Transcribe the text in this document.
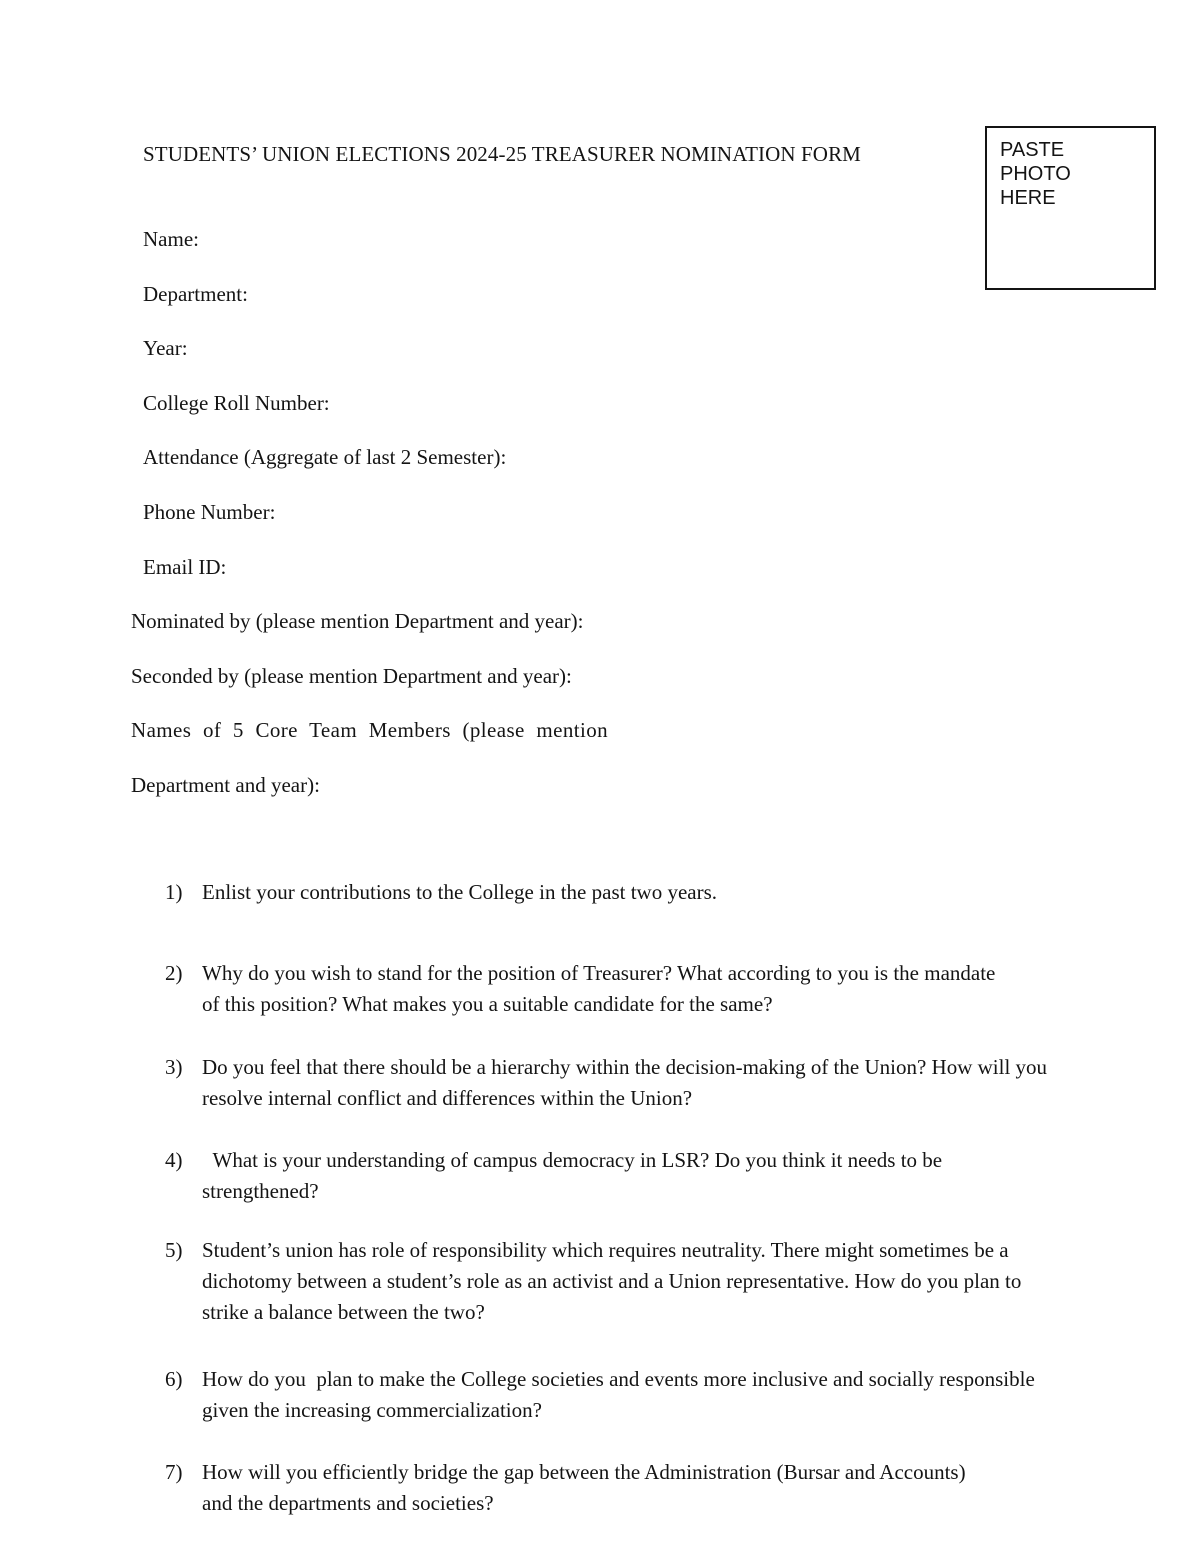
STUDENTS’ UNION ELECTIONS 2024-25 TREASURER NOMINATION FORM	PASTE PHOTO HERE

Name:

Department:

Year:

College Roll Number:

Attendance (Aggregate of last 2 Semester):

Phone Number:

Email ID:

Nominated by (please mention Department and year):

Seconded by (please mention Department and year):

Names of 5 Core Team Members (please mention

Department and year):

1) Enlist your contributions to the College in the past two years.
2) Why do you wish to stand for the position of Treasurer? What according to you is the mandate of this position? What makes you a suitable candidate for the same?
3) Do you feel that there should be a hierarchy within the decision-making of the Union? How will you resolve internal conflict and differences within the Union?
4) What is your understanding of campus democracy in LSR? Do you think it needs to be strengthened?
5) Student’s union has role of responsibility which requires neutrality. There might sometimes be a dichotomy between a student’s role as an activist and a Union representative. How do you plan to strike a balance between the two?
6) How do you  plan to make the College societies and events more inclusive and socially responsible given the increasing commercialization?
7) How will you efficiently bridge the gap between the Administration (Bursar and Accounts) and the departments and societies?
